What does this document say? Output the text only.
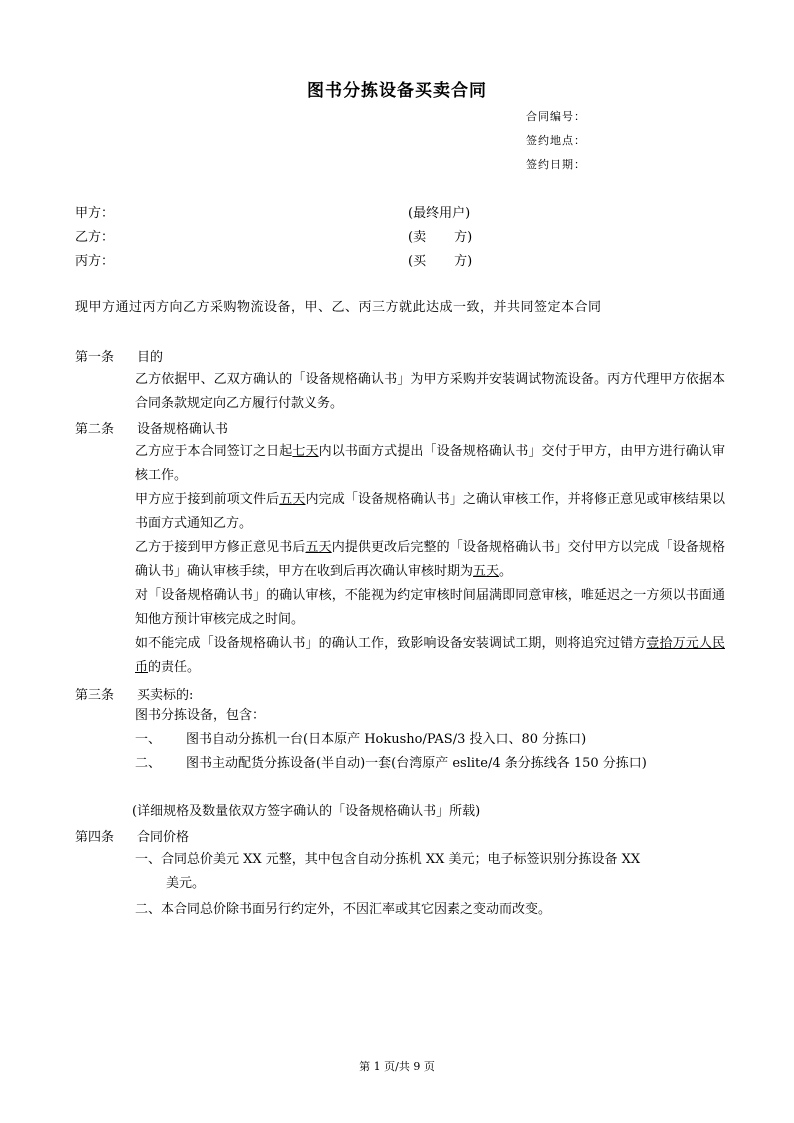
图书分拣设备买卖合同
合同编号：
签约地点：
签约日期：
甲方：	(最终用户)
乙方：	(卖 方)
丙方：	(买 方)
现甲方通过丙方向乙方采购物流设备，甲、乙、丙三方就此达成一致，并共同签定本合同
第一条 目的
乙方依据甲、乙双方确认的「设备规格确认书」为甲方采购并安装调试物流设备。丙方代理甲方依据本合同条款规定向乙方履行付款义务。
第二条 设备规格确认书
乙方应于本合同签订之日起七天内以书面方式提出「设备规格确认书」交付于甲方，由甲方进行确认审核工作。
甲方应于接到前项文件后五天内完成「设备规格确认书」之确认审核工作，并将修正意见或审核结果以书面方式通知乙方。
乙方于接到甲方修正意见书后五天内提供更改后完整的「设备规格确认书」交付甲方以完成「设备规格确认书」确认审核手续，甲方在收到后再次确认审核时期为五天。
对「设备规格确认书」的确认审核，不能视为约定审核时间届满即同意审核，唯延迟之一方须以书面通知他方预计审核完成之时间。
如不能完成「设备规格确认书」的确认工作，致影响设备安装调试工期，则将追究过错方壹拾万元人民币的责任。
第三条 买卖标的:
图书分拣设备，包含：
一、 图书自动分拣机一台(日本原产 Hokusho/PAS/3 投入口、80 分拣口)
二、 图书主动配货分拣设备(半自动)一套(台湾原产 eslite/4 条分拣线各 150 分拣口)
(详细规格及数量依双方签字确认的「设备规格确认书」所载)
第四条 合同价格
一、合同总价美元 XX 元整，其中包含自动分拣机 XX 美元；电子标签识别分拣设备 XX
美元。
二、本合同总价除书面另行约定外，不因汇率或其它因素之变动而改变。
第 1 页/共 9 页
